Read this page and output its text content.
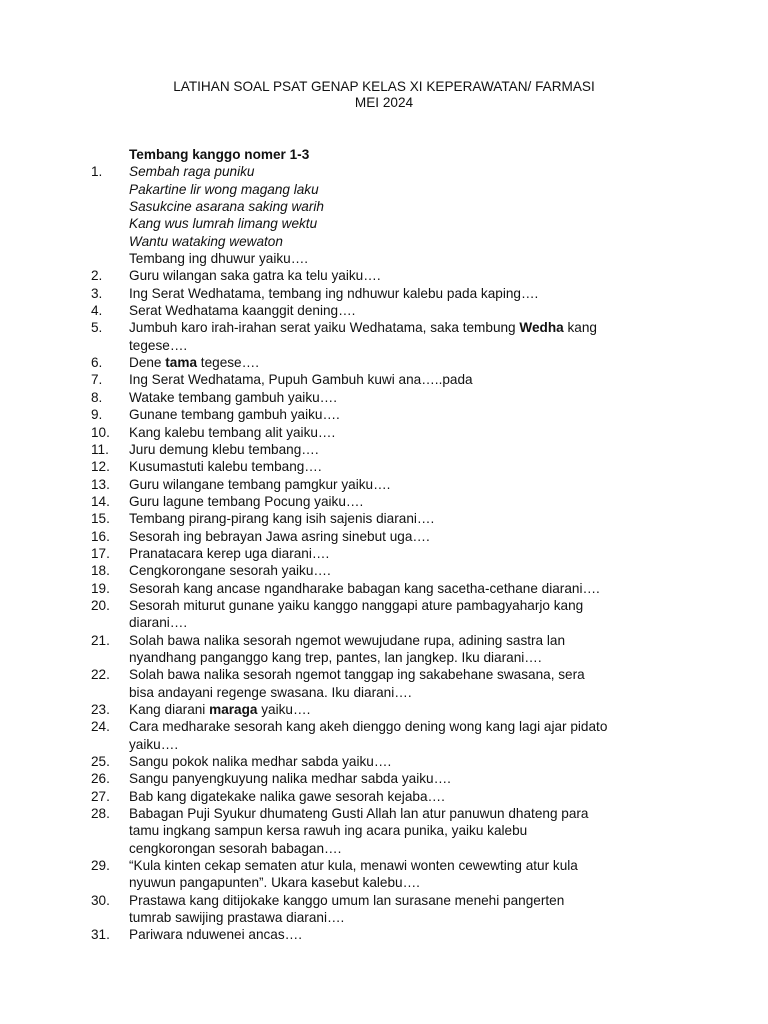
LATIHAN SOAL PSAT GENAP KELAS XI KEPERAWATAN/ FARMASI
MEI 2024
Tembang kanggo nomer 1-3
1. Sembah raga puniku
Pakartine lir wong magang laku
Sasukcine asarana saking warih
Kang wus lumrah limang wektu
Wantu wataking wewaton
Tembang ing dhuwur yaiku….
2. Guru wilangan saka gatra ka telu yaiku….
3. Ing Serat Wedhatama, tembang ing ndhuwur kalebu pada kaping….
4. Serat Wedhatama kaanggit dening….
5. Jumbuh karo irah-irahan serat yaiku Wedhatama, saka tembung Wedha kang
tegese….
6. Dene tama tegese….
7. Ing Serat Wedhatama, Pupuh Gambuh kuwi ana…..pada
8. Watake tembang gambuh yaiku….
9. Gunane tembang gambuh yaiku….
10. Kang kalebu tembang alit yaiku….
11. Juru demung klebu tembang….
12. Kusumastuti kalebu tembang….
13. Guru wilangane tembang pamgkur yaiku….
14. Guru lagune tembang Pocung yaiku….
15. Tembang pirang-pirang kang isih sajenis diarani….
16. Sesorah ing bebrayan Jawa asring sinebut uga….
17. Pranatacara kerep uga diarani….
18. Cengkorongane sesorah yaiku….
19. Sesorah kang ancase ngandharake babagan kang sacetha-cethane diarani….
20. Sesorah miturut gunane yaiku kanggo nanggapi ature pambagyaharjo kang
diarani….
21. Solah bawa nalika sesorah ngemot wewujudane rupa, adining sastra lan
nyandhang panganggo kang trep, pantes, lan jangkep. Iku diarani….
22. Solah bawa nalika sesorah ngemot tanggap ing sakabehane swasana, sera
bisa andayani regenge swasana. Iku diarani….
23. Kang diarani maraga yaiku….
24. Cara medharake sesorah kang akeh dienggo dening wong kang lagi ajar pidato
yaiku….
25. Sangu pokok nalika medhar sabda yaiku….
26. Sangu panyengkuyung nalika medhar sabda yaiku….
27. Bab kang digatekake nalika gawe sesorah kejaba….
28. Babagan Puji Syukur dhumateng Gusti Allah lan atur panuwun dhateng para
tamu ingkang sampun kersa rawuh ing acara punika, yaiku kalebu
cengkorongan sesorah babagan….
29. “Kula kinten cekap sematen atur kula, menawi wonten cewewting atur kula
nyuwun pangapunten”. Ukara kasebut kalebu….
30. Prastawa kang ditijokake kanggo umum lan surasane menehi pangerten
tumrab sawijing prastawa diarani….
31. Pariwara nduwenei ancas….
